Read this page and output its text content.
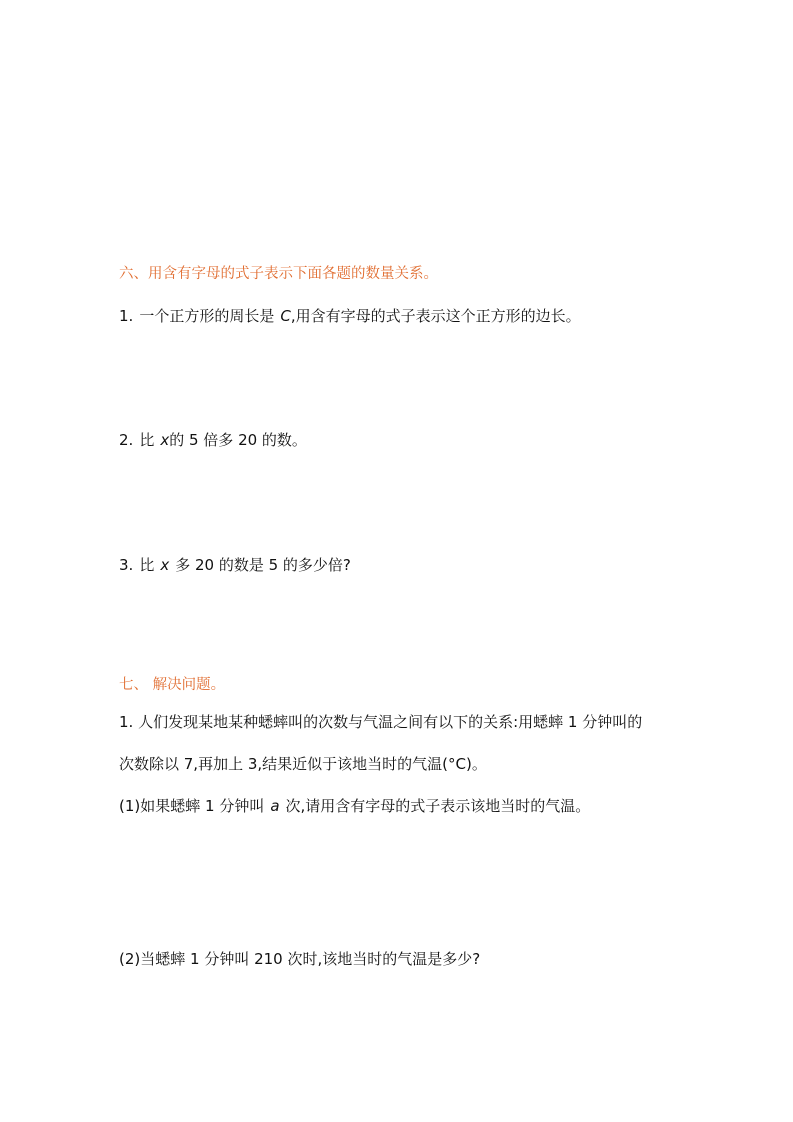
六、用含有字母的式子表示下面各题的数量关系。
1. 一个正方形的周长是 C,用含有字母的式子表示这个正方形的边长。
2. 比 x的 5 倍多 20 的数。
3. 比 x 多 20 的数是 5 的多少倍?
七、 解决问题。
1. 人们发现某地某种蟋蟀叫的次数与气温之间有以下的关系:用蟋蟀 1 分钟叫的
次数除以 7,再加上 3,结果近似于该地当时的气温(°C)。
(1)如果蟋蟀 1 分钟叫 a 次,请用含有字母的式子表示该地当时的气温。
(2)当蟋蟀 1 分钟叫 210 次时,该地当时的气温是多少?
